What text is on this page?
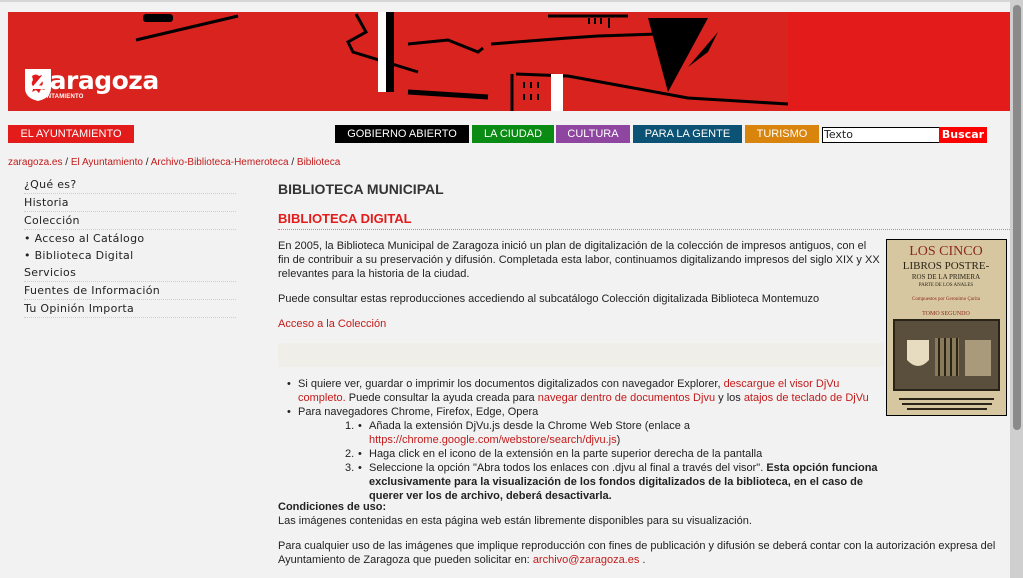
Zaragoza
AYUNTAMIENTO
EL AYUNTAMIENTO	GOBIERNO ABIERTO	LA CIUDAD	CULTURA	PARA LA GENTE	TURISMO	Texto	Buscar
zaragoza.es / El Ayuntamiento / Archivo-Biblioteca-Hemeroteca / Biblioteca
¿Qué es?
Historia
Colección
• Acceso al Catálogo
• Biblioteca Digital
Servicios
Fuentes de Información
Tu Opinión Importa
BIBLIOTECA MUNICIPAL
BIBLIOTECA DIGITAL
En 2005, la Biblioteca Municipal de Zaragoza inició un plan de digitalización de la colección de impresos antiguos, con el fin de contribuir a su preservación y difusión. Completada esta labor, continuamos digitalizando impresos del siglo XIX y XX relevantes para la historia de la ciudad.
Puede consultar estas reproducciones accediendo al subcatálogo Colección digitalizada Biblioteca Montemuzo
Acceso a la Colección
LOS CINCO
LIBROS POSTRE-
ROS DE LA PRIMERA
PARTE DE LOS ANALES
Compuestos por Geronimo Çurita
TOMO SEGUNDO
• Si quiere ver, guardar o imprimir los documentos digitalizados con navegador Explorer, descargue el visor DjVu completo. Puede consultar la ayuda creada para navegar dentro de documentos Djvu y los atajos de teclado de DjVu
• Para navegadores Chrome, Firefox, Edge, Opera
1. • Añada la extensión DjVu.js desde la Chrome Web Store (enlace a https://chrome.google.com/webstore/search/djvu.js)
2. • Haga click en el icono de la extensión en la parte superior derecha de la pantalla
3. • Seleccione la opción "Abra todos los enlaces con .djvu al final a través del visor". Esta opción funciona exclusivamente para la visualización de los fondos digitalizados de la biblioteca, en el caso de querer ver los de archivo, deberá desactivarla.
Condiciones de uso:
Las imágenes contenidas en esta página web están libremente disponibles para su visualización.
Para cualquier uso de las imágenes que implique reproducción con fines de publicación y difusión se deberá contar con la autorización expresa del Ayuntamiento de Zaragoza que pueden solicitar en: archivo@zaragoza.es .
